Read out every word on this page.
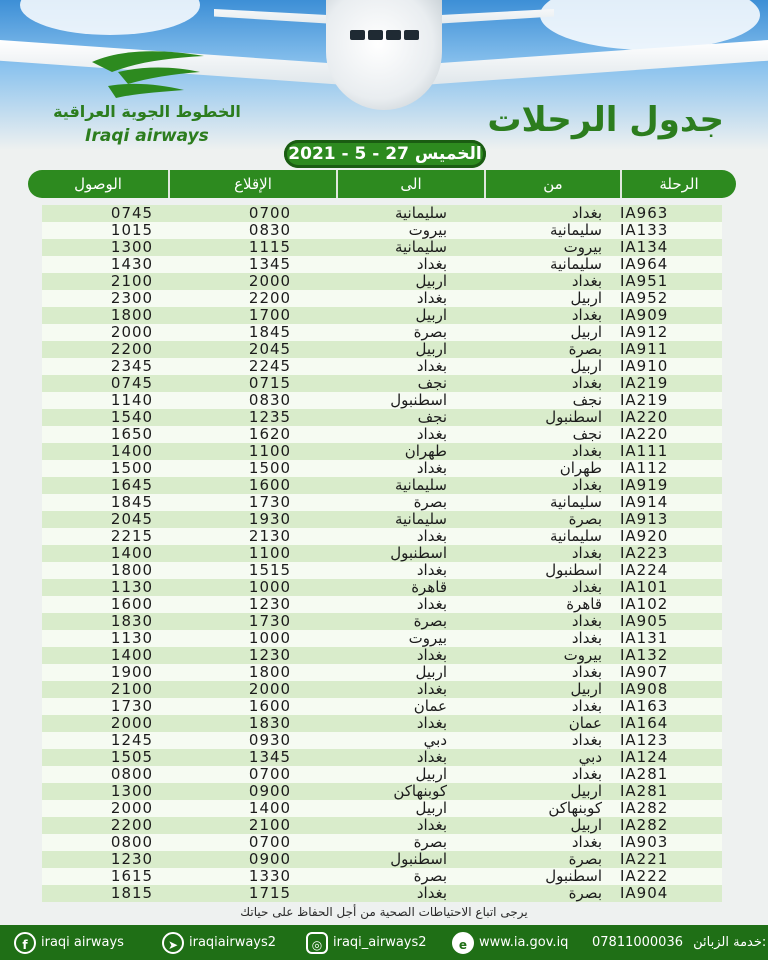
الخطوط الجوية العراقية
Iraqi airways	جدول الرحلات
الخميس 27 - 5 - 2021
الوصول	الإقلاع	الى	من	الرحلة
0745	0700	سليمانية	بغداد IA963
1015	0830	بيروت	سليمانية IA133
1300	1115	سليمانية	بيروت IA134
1430	1345	بغداد	سليمانية IA964
2100	2000	اربيل	بغداد IA951
2300	2200	بغداد	اربيل IA952
1800	1700	اربيل	بغداد IA909
2000	1845	بصرة	اربيل IA912
2200	2045	اربيل	بصرة IA911
2345	2245	بغداد	اربيل IA910
0745	0715	نجف	بغداد IA219
1140	0830	اسطنبول	نجف IA219
1540	1235	نجف	اسطنبول IA220
1650	1620	بغداد	نجف IA220
1400	1100	طهران	بغداد IA111
1500	1500	بغداد	طهران IA112
1645	1600	سليمانية	بغداد IA919
1845	1730	بصرة	سليمانية IA914
2045	1930	سليمانية	بصرة IA913
2215	2130	بغداد	سليمانية IA920
1400	1100	اسطنبول	بغداد IA223
1800	1515	بغداد	اسطنبول IA224
1130	1000	قاهرة	بغداد IA101
1600	1230	بغداد	قاهرة IA102
1830	1730	بصرة	بغداد IA905
1130	1000	بيروت	بغداد IA131
1400	1230	بغداد	بيروت IA132
1900	1800	اربيل	بغداد IA907
2100	2000	بغداد	اربيل IA908
1730	1600	عمان	بغداد IA163
2000	1830	بغداد	عمان IA164
1245	0930	دبي	بغداد IA123
1505	1345	بغداد	دبي IA124
0800	0700	اربيل	بغداد IA281
1300	0900	كوبنهاكن	اربيل IA281
2000	1400	اربيل	كوبنهاكن IA282
2200	2100	بغداد	اربيل IA282
0800	0700	بصرة	بغداد IA903
1230	0900	اسطنبول	بصرة IA221
1615	1330	بصرة	اسطنبول IA222
1815	1715	بغداد	بصرة IA904
يرجى اتباع الاحتياطات الصحية من أجل الحفاظ على حياتك
f iraqi airways	➤ iraqiairways2	◎ iraqi_airways2	e www.ia.gov.iq 07811000036 خدمة الزبائن:
